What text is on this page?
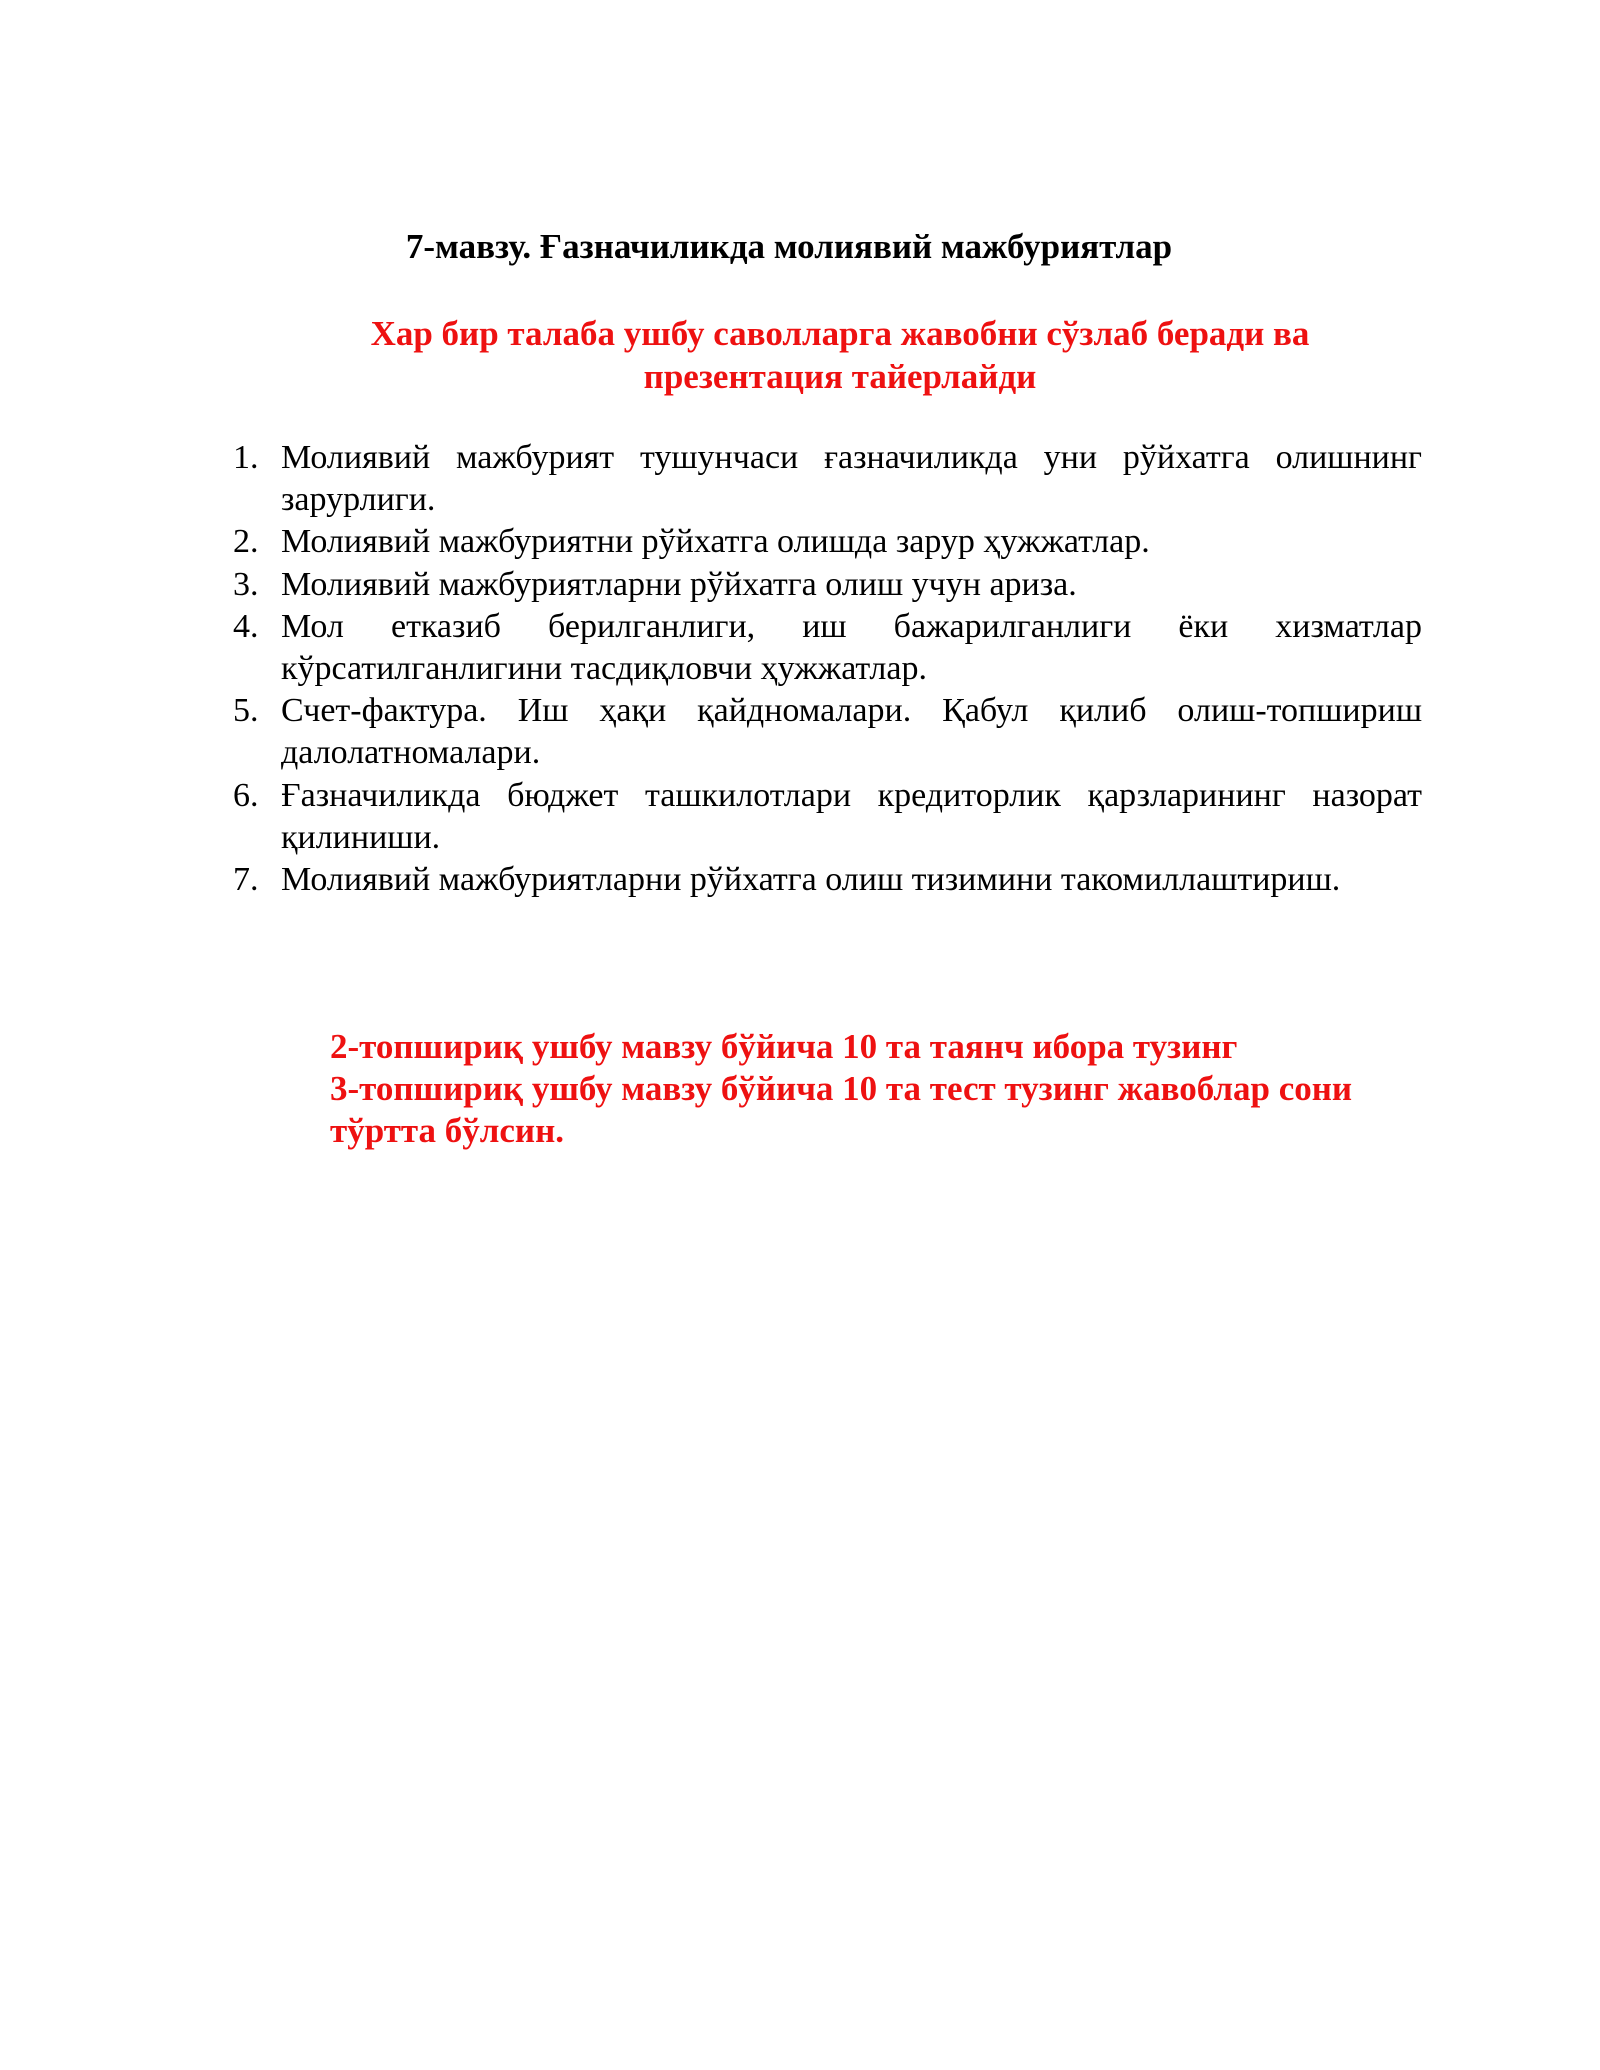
7-мавзу. Ғазначиликда молиявий мажбуриятлар
Хар бир талаба ушбу саволларга жавобни сўзлаб беради ва
презентация тайерлайди
1. Молиявий мажбурият тушунчаси ғазначиликда уни рўйхатга олишнинг зарурлиги.
2. Молиявий мажбуриятни рўйхатга олишда зарур ҳужжатлар.
3. Молиявий мажбуриятларни рўйхатга олиш учун ариза.
4. Мол етказиб берилганлиги, иш бажарилганлиги ёки хизматлар кўрсатилганлигини тасдиқловчи ҳужжатлар.
5. Счет-фактура. Иш ҳақи қайдномалари. Қабул қилиб олиш-топшириш далолатномалари.
6. Ғазначиликда бюджет ташкилотлари кредиторлик қарзларининг назорат қилиниши.
7. Молиявий мажбуриятларни рўйхатга олиш тизимини такомиллаштириш.

2-топшириқ ушбу мавзу бўйича 10 та таянч ибора тузинг

3-топшириқ ушбу мавзу бўйича 10 та тест тузинг жавоблар сони тўртта бўлсин.
